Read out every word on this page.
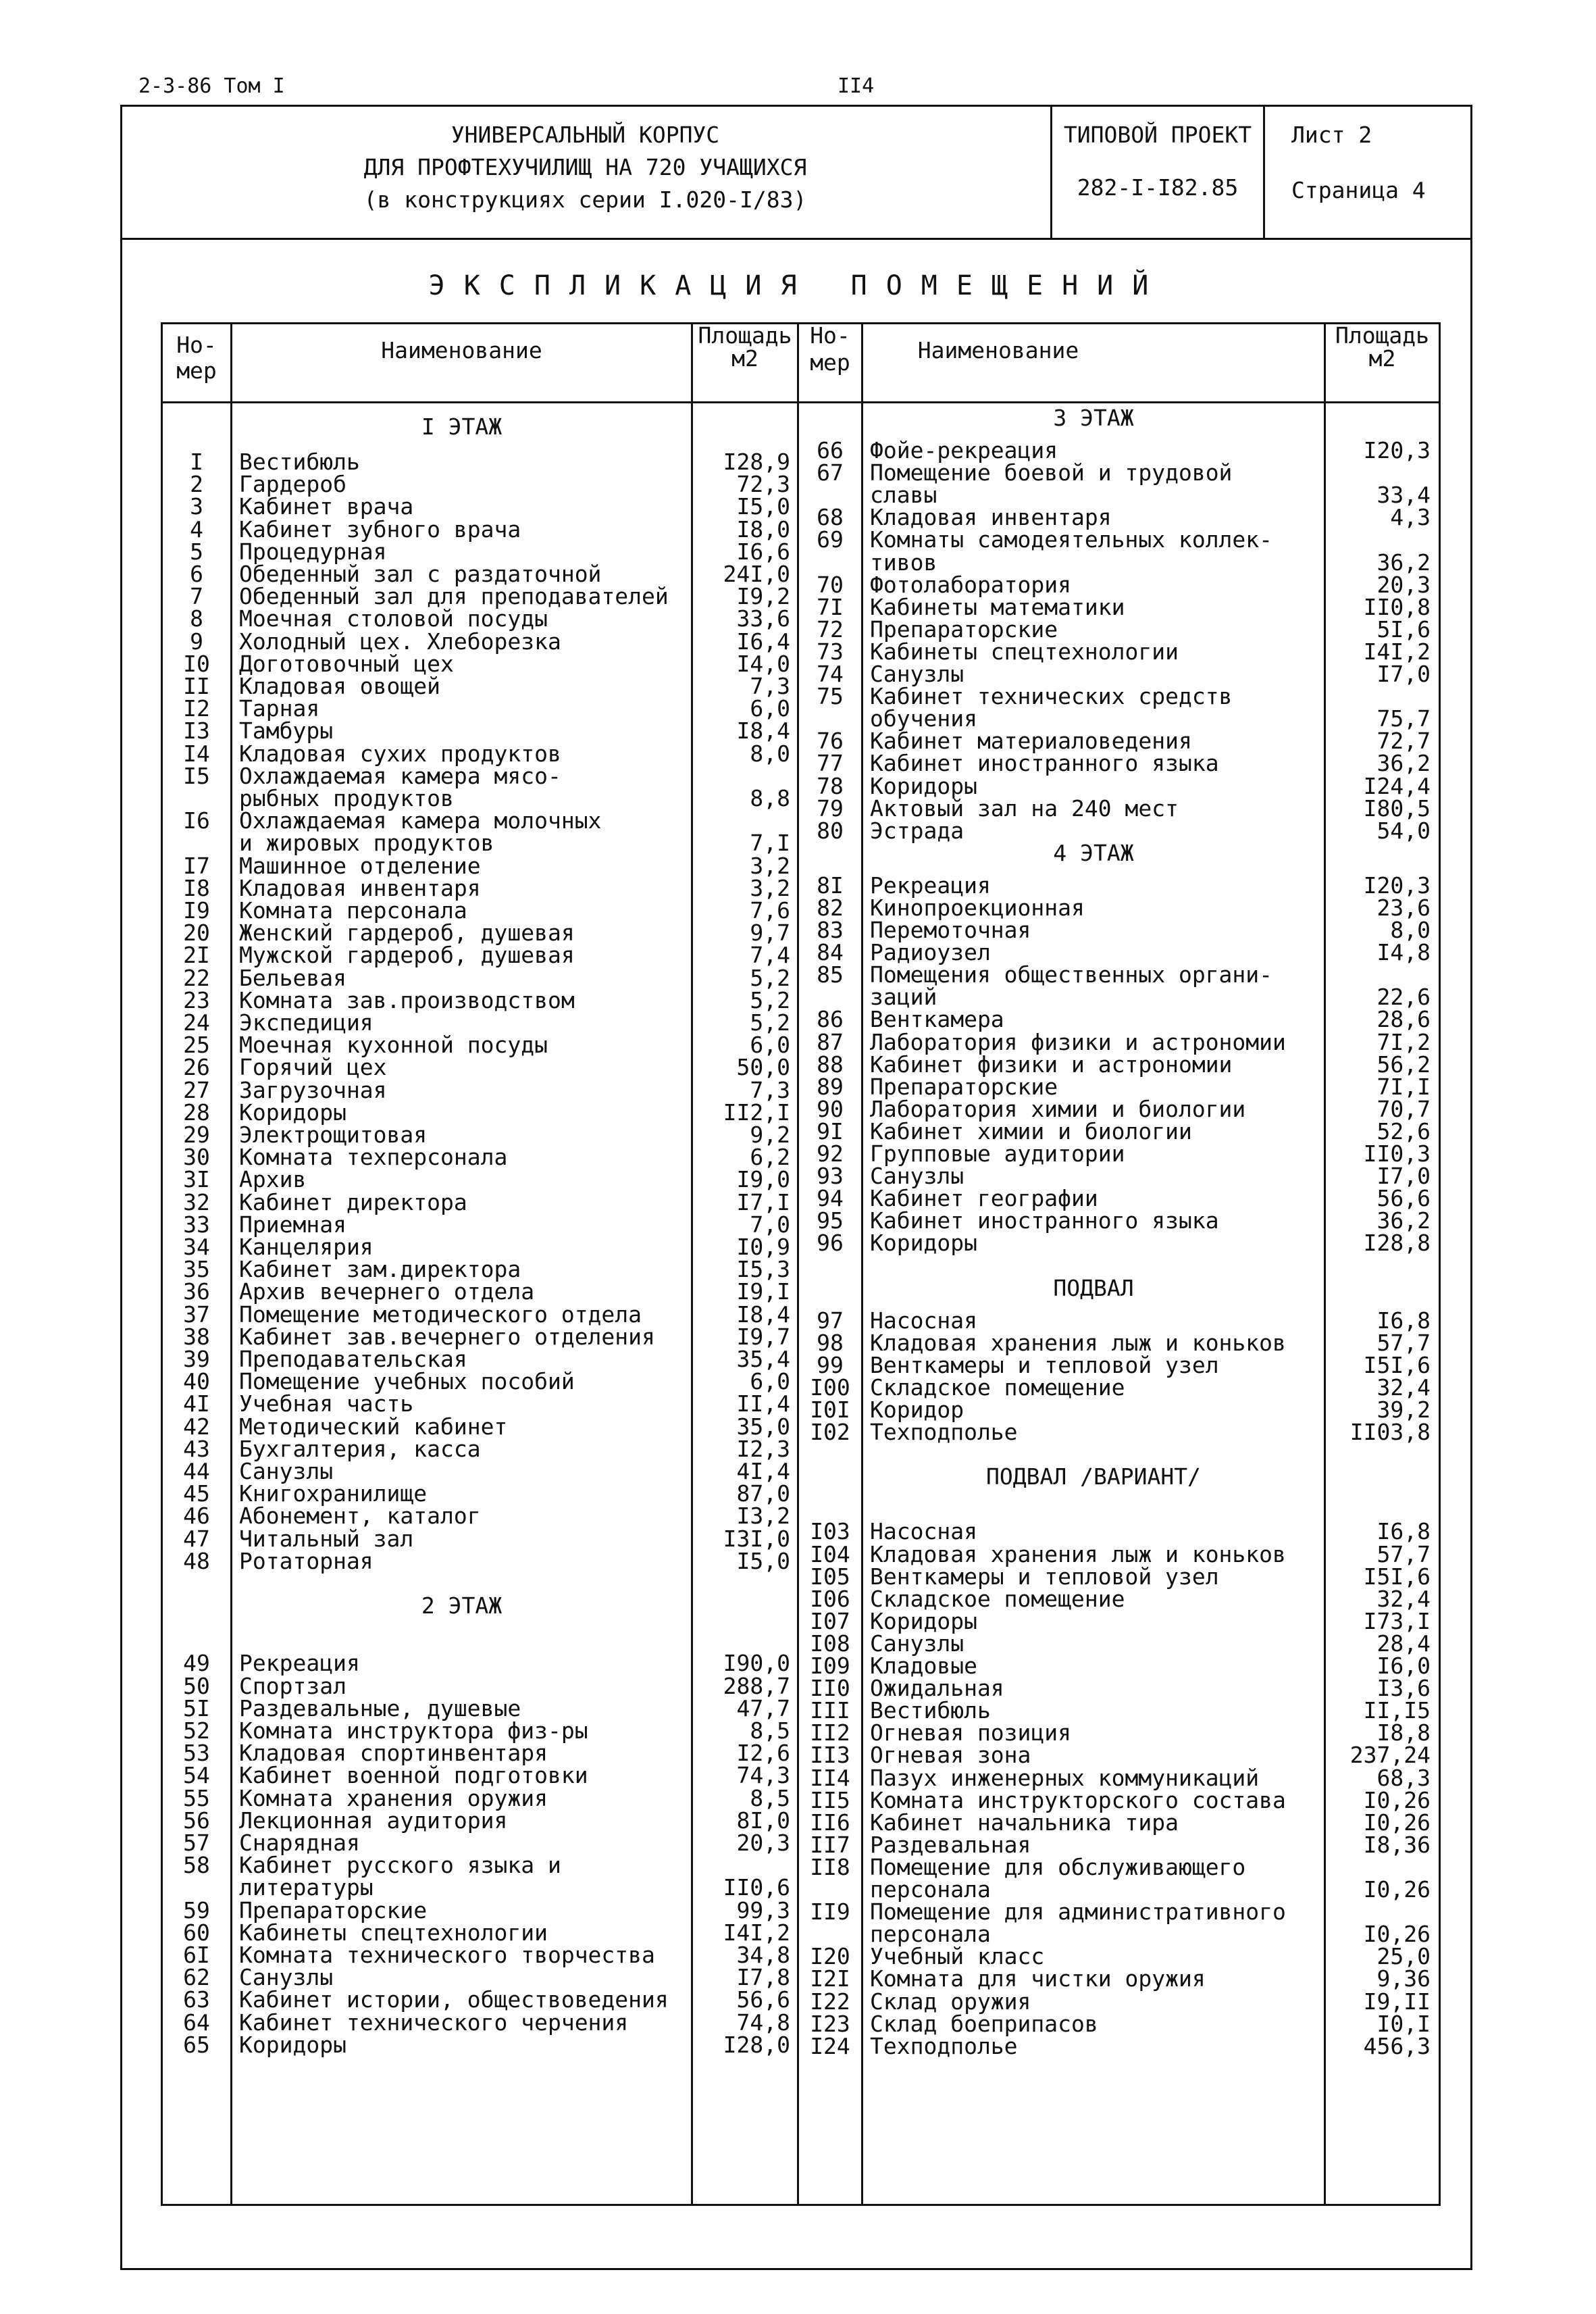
2-3-86 Том I	II4
УНИВЕРСАЛЬНЫЙ КОРПУС
ДЛЯ ПРОФТЕХУЧИЛИЩ НА 720 УЧАЩИХСЯ
(в конструкциях серии I.020-I/83)
ТИПОВОЙ ПРОЕКТ
282-I-I82.85
Лист 2
Страница 4
ЭКСПЛИКАЦИЯ ПОМЕЩЕНИЙ
Но-
мер
Наименование
Площадь
м2
Но-
мер	Наименование
Площадь
м2
I ЭТАЖ
I	Вестибюль	I28,9
2	Гардероб	72,3
3	Кабинет врача	I5,0
4	Кабинет зубного врача	I8,0
5	Процедурная	I6,6
6	Обеденный зал с раздаточной	24I,0
7	Обеденный зал для преподавателей	I9,2
8	Моечная столовой посуды	33,6
9	Холодный цех. Хлеборезка	I6,4
I0	Доготовочный цех	I4,0
II	Кладовая овощей	7,3
I2	Тарная	6,0
I3	Тамбуры	I8,4
I4	Кладовая сухих продуктов	8,0
I5	Охлаждаемая камера мясо-
рыбных продуктов	8,8
I6	Охлаждаемая камера молочных
и жировых продуктов	7,I
I7	Машинное отделение	3,2
I8	Кладовая инвентаря	3,2
I9	Комната персонала	7,6
20	Женский гардероб, душевая	9,7
2I	Мужской гардероб, душевая	7,4
22	Бельевая	5,2
23	Комната зав.производством	5,2
24	Экспедиция	5,2
25	Моечная кухонной посуды	6,0
26	Горячий цех	50,0
27	Загрузочная	7,3
28	Коридоры	II2,I
29	Электрощитовая	9,2
30	Комната техперсонала	6,2
3I	Архив	I9,0
32	Кабинет директора	I7,I
33	Приемная	7,0
34	Канцелярия	I0,9
35	Кабинет зам.директора	I5,3
36	Архив вечернего отдела	I9,I
37	Помещение методического отдела	I8,4
38	Кабинет зав.вечернего отделения	I9,7
39	Преподавательская	35,4
40	Помещение учебных пособий	6,0
4I	Учебная часть	II,4
42	Методический кабинет	35,0
43	Бухгалтерия, касса	I2,3
44	Санузлы	4I,4
45	Книгохранилище	87,0
46	Абонемент, каталог	I3,2
47	Читальный зал	I3I,0
48	Ротаторная	I5,0
2 ЭТАЖ
49	Рекреация	I90,0
50	Спортзал	288,7
5I	Раздевальные, душевые	47,7
52	Комната инструктора физ-ры	8,5
53	Кладовая спортинвентаря	I2,6
54	Кабинет военной подготовки	74,3
55	Комната хранения оружия	8,5
56	Лекционная аудитория	8I,0
57	Снарядная	20,3
58	Кабинет русского языка и
литературы	II0,6
59	Препараторские	99,3
60	Кабинеты спецтехнологии	I4I,2
6I	Комната технического творчества	34,8
62	Санузлы	I7,8
63	Кабинет истории, обществоведения	56,6
64	Кабинет технического черчения	74,8
65	Коридоры	I28,0
3 ЭТАЖ
66	Фойе-рекреация	I20,3
67	Помещение боевой и трудовой
славы	33,4
68	Кладовая инвентаря	4,3
69	Комнаты самодеятельных коллек-
тивов	36,2
70	Фотолаборатория	20,3
7I	Кабинеты математики	II0,8
72	Препараторские	5I,6
73	Кабинеты спецтехнологии	I4I,2
74	Санузлы	I7,0
75	Кабинет технических средств
обучения	75,7
76	Кабинет материаловедения	72,7
77	Кабинет иностранного языка	36,2
78	Коридоры	I24,4
79	Актовый зал на 240 мест	I80,5
80	Эстрада	54,0
4 ЭТАЖ
8I	Рекреация	I20,3
82	Кинопроекционная	23,6
83	Перемоточная	8,0
84	Радиоузел	I4,8
85	Помещения общественных органи-
заций	22,6
86	Венткамера	28,6
87	Лаборатория физики и астрономии	7I,2
88	Кабинет физики и астрономии	56,2
89	Препараторские	7I,I
90	Лаборатория химии и биологии	70,7
9I	Кабинет химии и биологии	52,6
92	Групповые аудитории	II0,3
93	Санузлы	I7,0
94	Кабинет географии	56,6
95	Кабинет иностранного языка	36,2
96	Коридоры	I28,8
ПОДВАЛ
97	Насосная	I6,8
98	Кладовая хранения лыж и коньков	57,7
99	Венткамеры и тепловой узел	I5I,6
I00 Складское помещение	32,4
I0I Коридор	39,2
I02 Техподполье	II03,8
ПОДВАЛ /ВАРИАНТ/
I03 Насосная	I6,8
I04 Кладовая хранения лыж и коньков	57,7
I05 Венткамеры и тепловой узел	I5I,6
I06 Складское помещение	32,4
I07 Коридоры	I73,I
I08 Санузлы	28,4
I09 Кладовые	I6,0
II0 Ожидальная	I3,6
III Вестибюль	II,I5
II2 Огневая позиция	I8,8
II3 Огневая зона	237,24
II4 Пазух инженерных коммуникаций	68,3
II5 Комната инструкторского состава	I0,26
II6 Кабинет начальника тира	I0,26
II7 Раздевальная	I8,36
II8 Помещение для обслуживающего
персонала	I0,26
II9 Помещение для административного
персонала	I0,26
I20 Учебный класс	25,0
I2I Комната для чистки оружия	9,36
I22 Склад оружия	I9,II
I23 Склад боеприпасов	I0,I
I24 Техподполье	456,3
